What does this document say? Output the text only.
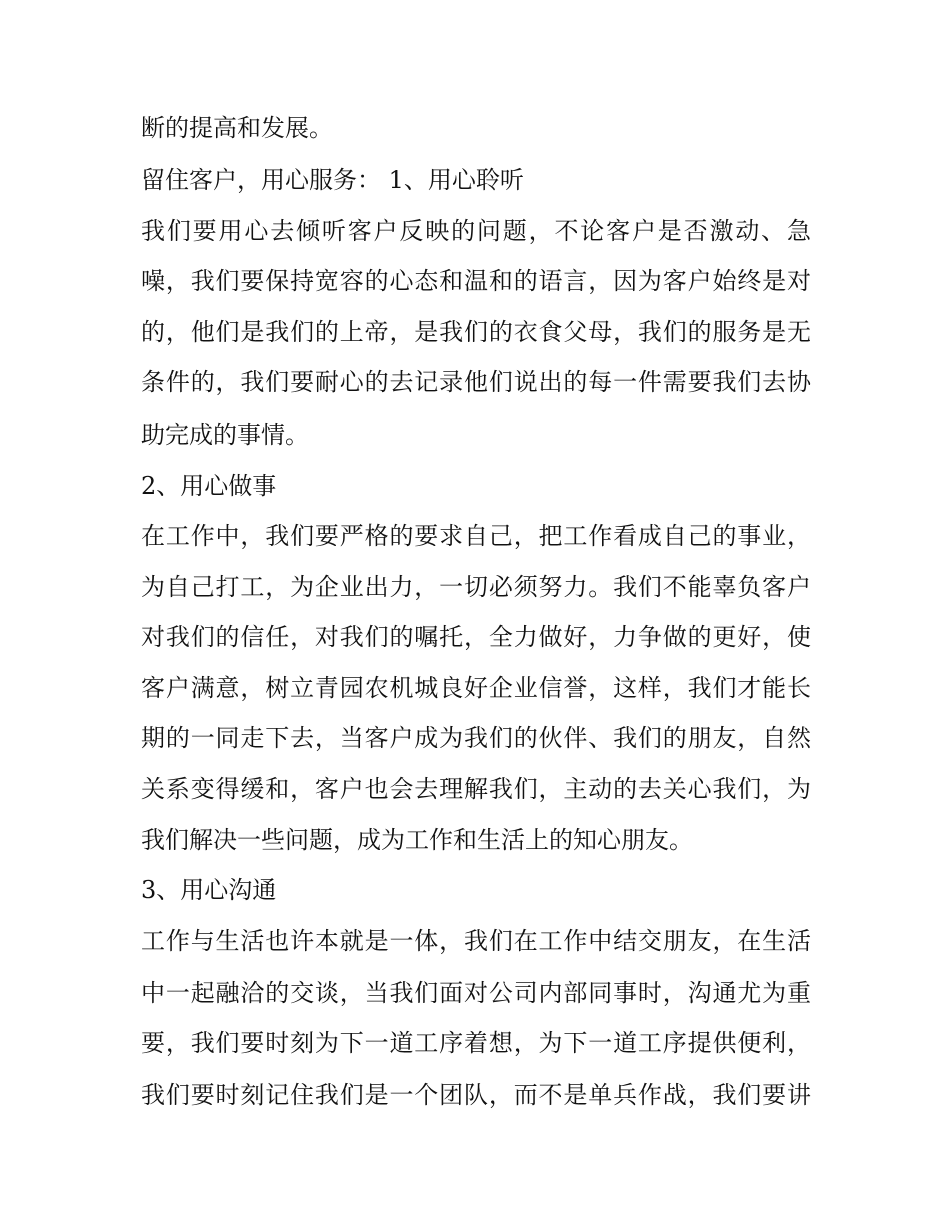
断的提高和发展。
留住客户，用心服务： 1、用心聆听
我们要用心去倾听客户反映的问题，不论客户是否激动、急
噪，我们要保持宽容的心态和温和的语言，因为客户始终是对
的，他们是我们的上帝，是我们的衣食父母，我们的服务是无
条件的，我们要耐心的去记录他们说出的每一件需要我们去协
助完成的事情。
2、用心做事
在工作中，我们要严格的要求自己，把工作看成自己的事业，
为自己打工，为企业出力，一切必须努力。我们不能辜负客户
对我们的信任，对我们的嘱托，全力做好，力争做的更好，使
客户满意，树立青园农机城良好企业信誉，这样，我们才能长
期的一同走下去，当客户成为我们的伙伴、我们的朋友，自然
关系变得缓和，客户也会去理解我们，主动的去关心我们，为
我们解决一些问题，成为工作和生活上的知心朋友。
3、用心沟通
工作与生活也许本就是一体，我们在工作中结交朋友，在生活
中一起融洽的交谈，当我们面对公司内部同事时，沟通尤为重
要，我们要时刻为下一道工序着想，为下一道工序提供便利，
我们要时刻记住我们是一个团队，而不是单兵作战，我们要讲
